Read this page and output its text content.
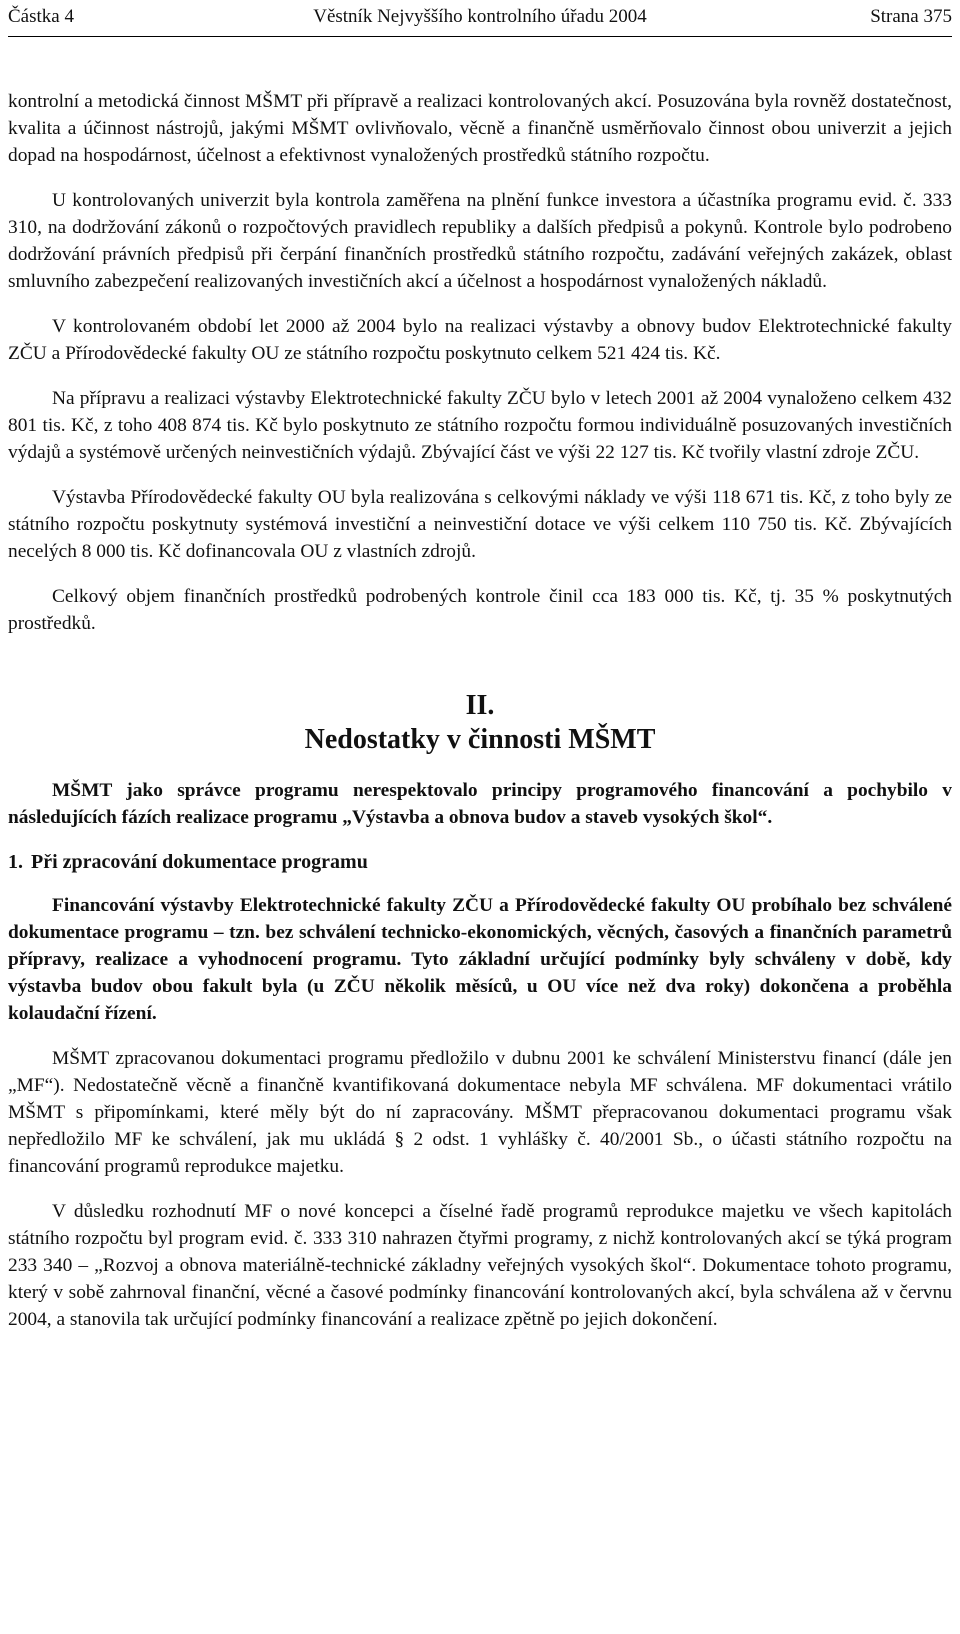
Částka 4	Věstník Nejvyššího kontrolního úřadu 2004	Strana 375

kontrolní a metodická činnost MŠMT při přípravě a realizaci kontrolovaných akcí. Posuzována byla rovněž dostatečnost, kvalita a účinnost nástrojů, jakými MŠMT ovlivňovalo, věcně a finančně usměrňovalo činnost obou univerzit a jejich dopad na hospodárnost, účelnost a efektivnost vynaložených prostředků státního rozpočtu.

U kontrolovaných univerzit byla kontrola zaměřena na plnění funkce investora a účastníka programu evid. č. 333 310, na dodržování zákonů o rozpočtových pravidlech republiky a dalších předpisů a pokynů. Kontrole bylo podrobeno dodržování právních předpisů při čerpání finančních prostředků státního rozpočtu, zadávání veřejných zakázek, oblast smluvního zabezpečení realizovaných investičních akcí a účelnost a hospodárnost vynaložených nákladů.

V kontrolovaném období let 2000 až 2004 bylo na realizaci výstavby a obnovy budov Elektrotechnické fakulty ZČU a Přírodovědecké fakulty OU ze státního rozpočtu poskytnuto celkem 521 424 tis. Kč.

Na přípravu a realizaci výstavby Elektrotechnické fakulty ZČU bylo v letech 2001 až 2004 vynaloženo celkem 432 801 tis. Kč, z toho 408 874 tis. Kč bylo poskytnuto ze státního rozpočtu formou individuálně posuzovaných investičních výdajů a systémově určených neinvestičních výdajů. Zbývající část ve výši 22 127 tis. Kč tvořily vlastní zdroje ZČU.

Výstavba Přírodovědecké fakulty OU byla realizována s celkovými náklady ve výši 118 671 tis. Kč, z toho byly ze státního rozpočtu poskytnuty systémová investiční a neinvestiční dotace ve výši celkem 110 750 tis. Kč. Zbývajících necelých 8 000 tis. Kč dofinancovala OU z vlastních zdrojů.

Celkový objem finančních prostředků podrobených kontrole činil cca 183 000 tis. Kč, tj. 35 % poskytnutých prostředků.

II.
Nedostatky v činnosti MŠMT

MŠMT jako správce programu nerespektovalo principy programového financování a pochybilo v následujících fázích realizace programu „Výstavba a obnova budov a staveb vysokých škol“.

1. Při zpracování dokumentace programu

Financování výstavby Elektrotechnické fakulty ZČU a Přírodovědecké fakulty OU probíhalo bez schválené dokumentace programu – tzn. bez schválení technicko-ekonomických, věcných, časových a finančních parametrů přípravy, realizace a vyhodnocení programu. Tyto základní určující podmínky byly schváleny v době, kdy výstavba budov obou fakult byla (u ZČU několik měsíců, u OU více než dva roky) dokončena a proběhla kolaudační řízení.

MŠMT zpracovanou dokumentaci programu předložilo v dubnu 2001 ke schválení Ministerstvu financí (dále jen „MF“). Nedostatečně věcně a finančně kvantifikovaná dokumentace nebyla MF schválena. MF dokumentaci vrátilo MŠMT s připomínkami, které měly být do ní zapracovány. MŠMT přepracovanou dokumentaci programu však nepředložilo MF ke schválení, jak mu ukládá § 2 odst. 1 vyhlášky č. 40/2001 Sb., o účasti státního rozpočtu na financování programů reprodukce majetku.

V důsledku rozhodnutí MF o nové koncepci a číselné řadě programů reprodukce majetku ve všech kapitolách státního rozpočtu byl program evid. č. 333 310 nahrazen čtyřmi programy, z nichž kontrolovaných akcí se týká program 233 340 – „Rozvoj a obnova materiálně-technické základny veřejných vysokých škol“. Dokumentace tohoto programu, který v sobě zahrnoval finanční, věcné a časové podmínky financování kontrolovaných akcí, byla schválena až v červnu 2004, a stanovila tak určující podmínky financování a realizace zpětně po jejich dokončení.
